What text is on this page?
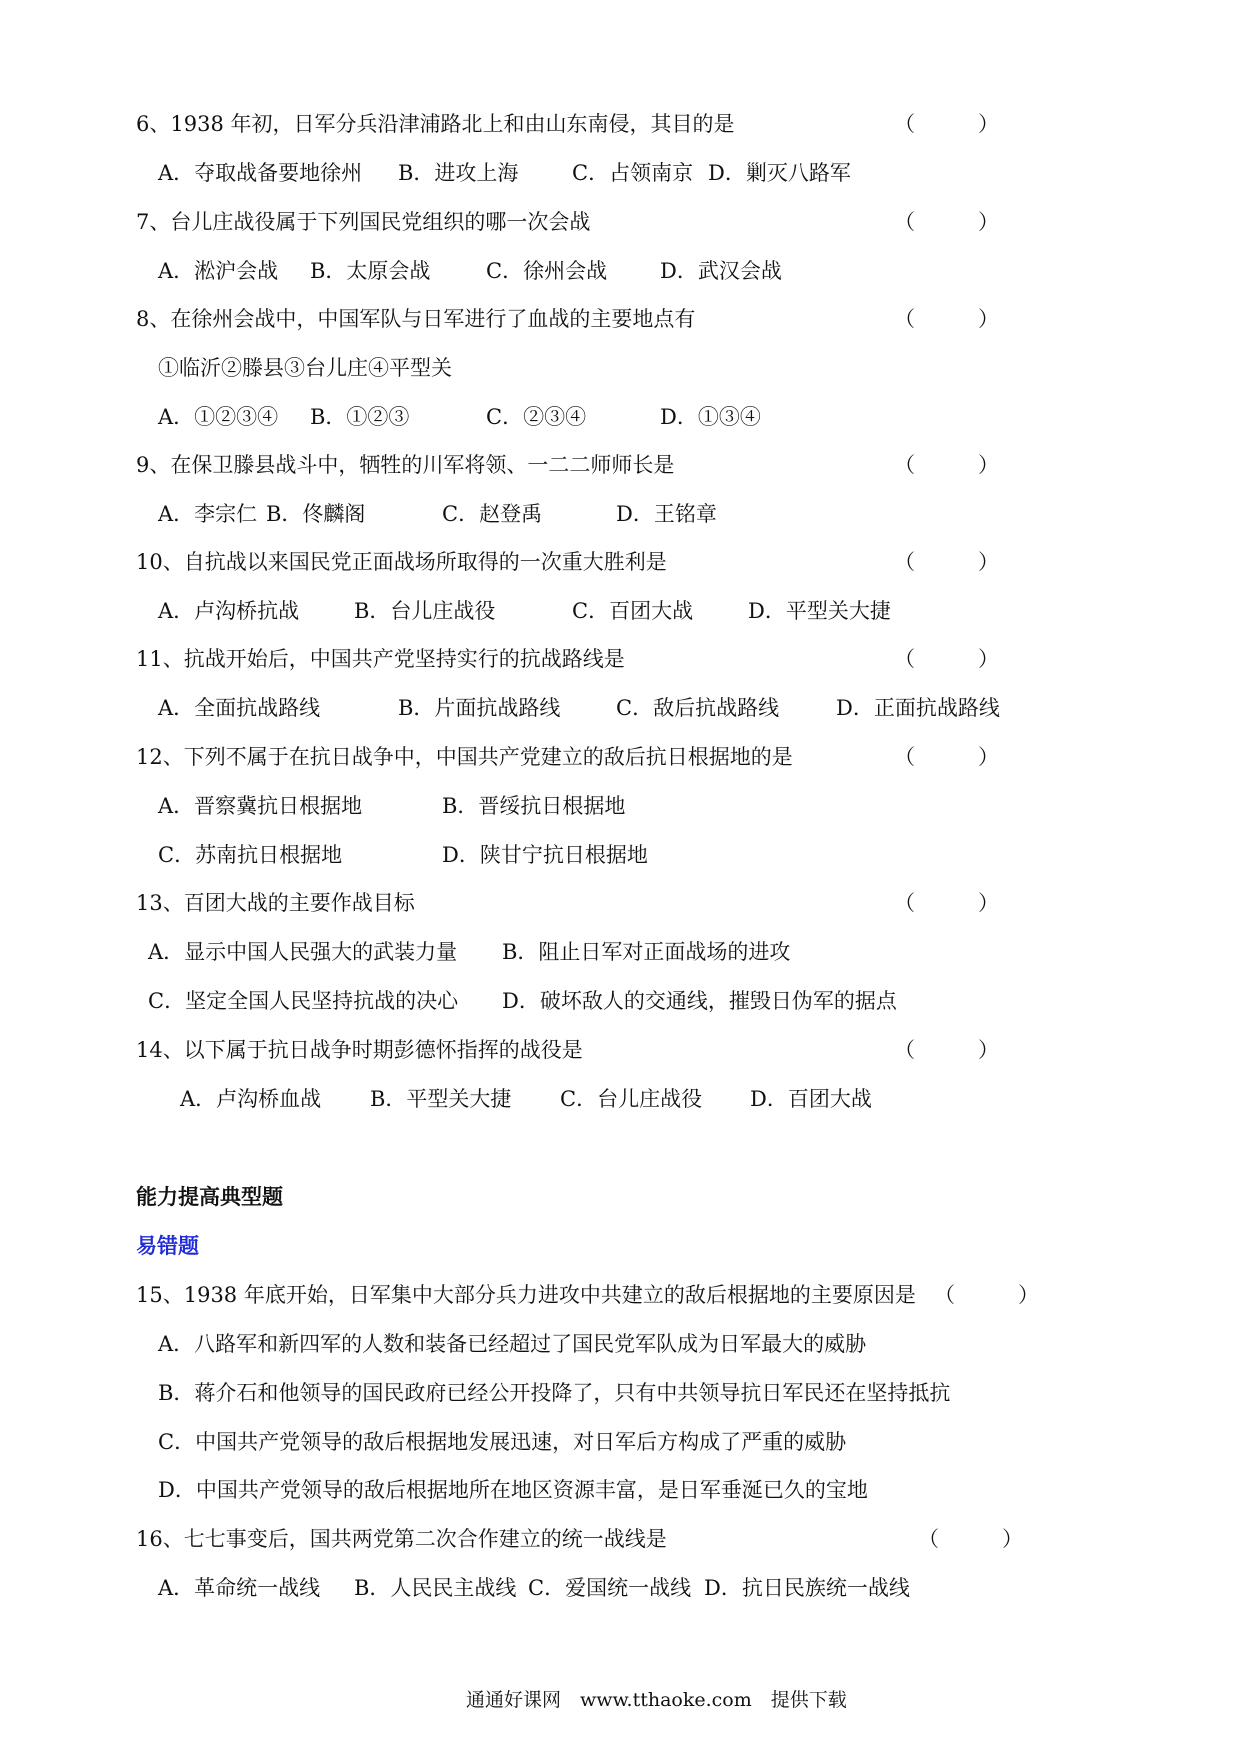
6、1938 年初，日军分兵沿津浦路北上和由山东南侵，其目的是	（　　　）
A．夺取战备要地徐州 B．进攻上海	C．占领南京 D．剿灭八路军
7、台儿庄战役属于下列国民党组织的哪一次会战	（　　　）
A．淞沪会战 B．太原会战	C．徐州会战	D．武汉会战
8、在徐州会战中，中国军队与日军进行了血战的主要地点有	（　　　）
①临沂②滕县③台儿庄④平型关
A．①②③④ B．①②③	C．②③④	D．①③④
9、在保卫滕县战斗中，牺牲的川军将领、一二二师师长是	（　　　）
A．李宗仁 B．佟麟阁	C．赵登禹	D．王铭章
10、自抗战以来国民党正面战场所取得的一次重大胜利是	（　　　）
A．卢沟桥抗战	B．台儿庄战役	C．百团大战	D．平型关大捷
11、抗战开始后，中国共产党坚持实行的抗战路线是	（　　　）
A．全面抗战路线	B．片面抗战路线	C．敌后抗战路线	D．正面抗战路线
12、下列不属于在抗日战争中，中国共产党建立的敌后抗日根据地的是	（　　　）
A．晋察冀抗日根据地	B．晋绥抗日根据地
C．苏南抗日根据地	D．陕甘宁抗日根据地
13、百团大战的主要作战目标	（　　　）
A．显示中国人民强大的武装力量 B．阻止日军对正面战场的进攻
C．坚定全国人民坚持抗战的决心 D．破坏敌人的交通线，摧毁日伪军的据点
14、以下属于抗日战争时期彭德怀指挥的战役是	（　　　）
A．卢沟桥血战 B．平型关大捷 C．台儿庄战役 D．百团大战
能力提高典型题
易错题
15、1938 年底开始，日军集中大部分兵力进攻中共建立的敌后根据地的主要原因是 （　　　）
A．八路军和新四军的人数和装备已经超过了国民党军队成为日军最大的威胁
B．蒋介石和他领导的国民政府已经公开投降了，只有中共领导抗日军民还在坚持抵抗
C．中国共产党领导的敌后根据地发展迅速，对日军后方构成了严重的威胁
D．中国共产党领导的敌后根据地所在地区资源丰富，是日军垂涎已久的宝地
16、七七事变后，国共两党第二次合作建立的统一战线是	（　　　）
A．革命统一战线 B．人民民主战线 C．爱国统一战线 D．抗日民族统一战线
通通好课网　www.tthaoke.com　提供下载
